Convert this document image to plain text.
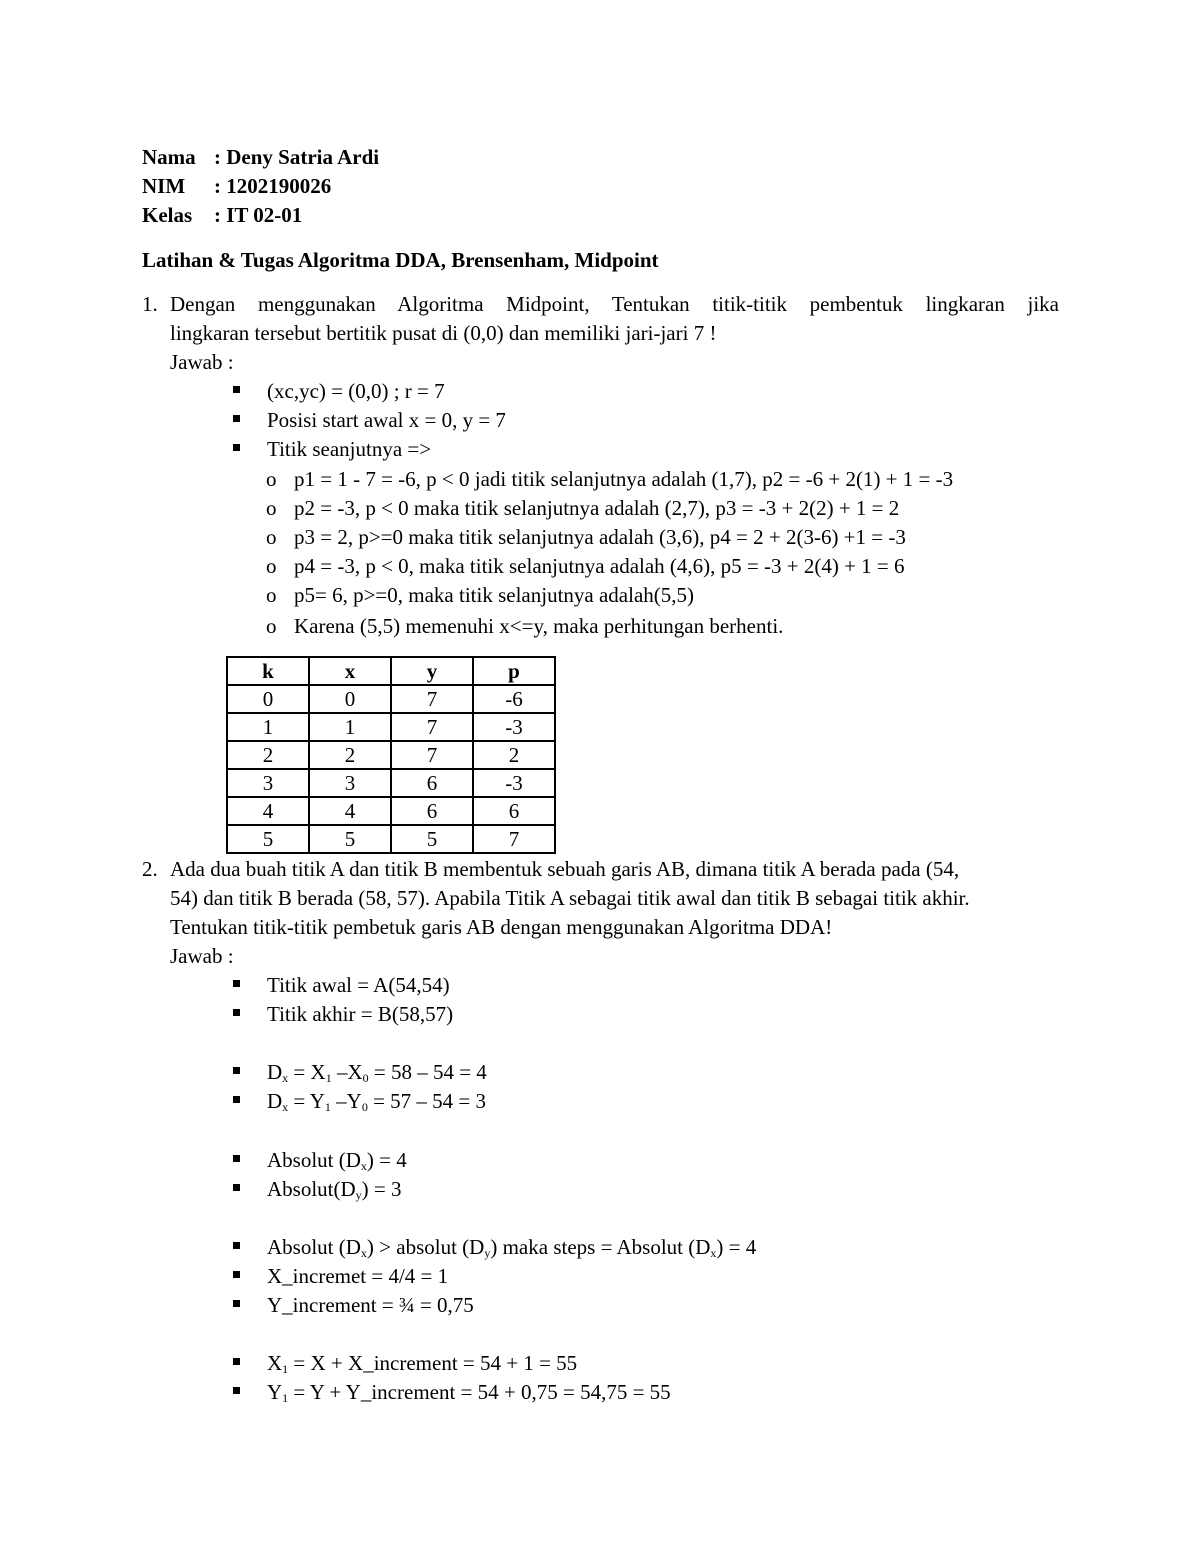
Nama : Deny Satria Ardi
NIM : 1202190026
Kelas : IT 02-01
Latihan & Tugas Algoritma DDA, Brensenham, Midpoint
1. Dengan menggunakan Algoritma Midpoint, Tentukan titik-titik pembentuk lingkaran jika
lingkaran tersebut bertitik pusat di (0,0) dan memiliki jari-jari 7 !
Jawab :
(xc,yc) = (0,0) ; r = 7
Posisi start awal x = 0, y = 7
Titik seanjutnya =>
o p1 = 1 - 7 = -6, p < 0 jadi titik selanjutnya adalah (1,7), p2 = -6 + 2(1) + 1 = -3
o p2 = -3, p < 0 maka titik selanjutnya adalah (2,7), p3 = -3 + 2(2) + 1 = 2
o p3 = 2, p>=0 maka titik selanjutnya adalah (3,6), p4 = 2 + 2(3-6) +1 = -3
o p4 = -3, p < 0, maka titik selanjutnya adalah (4,6), p5 = -3 + 2(4) + 1 = 6
o p5= 6, p>=0, maka titik selanjutnya adalah(5,5)
o Karena (5,5) memenuhi x<=y, maka perhitungan berhenti.
k	x	y	p
0	0	7	-6
1	1	7	-3
2	2	7	2
3	3	6	-3
4	4	6	6
5	5	5	7
2. Ada dua buah titik A dan titik B membentuk sebuah garis AB, dimana titik A berada pada (54,
54) dan titik B berada (58, 57). Apabila Titik A sebagai titik awal dan titik B sebagai titik akhir.
Tentukan titik-titik pembetuk garis AB dengan menggunakan Algoritma DDA!
Jawab :
Titik awal = A(54,54)
Titik akhir = B(58,57)
$D_x = X_1$ $-X_0 = 58 - 54 = 4$
$D_x = Y_1$ $-Y_0 = 57 - 54 = 3$
Absolut $(D_x) = 4$
$Absolut(D_y) = 3$
Absolut $(D_x)$ > absolut $(D_y)$ maka steps = Absolut $(D_x) = 4$
X_incremet = 4/4 = 1
Y_increment = ¾ = 0,75
$X_1 = X$ + X_increment = 54 + 1 = 55
$Y_1 = Y$ + Y_increment = 54 + 0,75 = 54,75 = 55
